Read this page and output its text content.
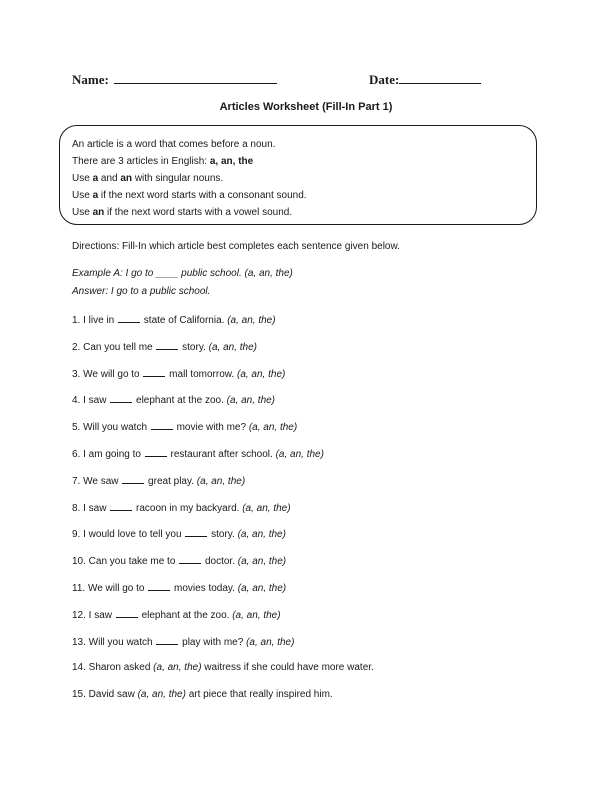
Name:	Date:
Articles Worksheet (Fill-In Part 1)
An article is a word that comes before a noun.
There are 3 articles in English: a, an, the
Use a and an with singular nouns.
Use a if the next word starts with a consonant sound.
Use an if the next word starts with a vowel sound.
Directions: Fill-In which article best completes each sentence given below.
Example A: I go to ____ public school. (a, an, the)
Answer: I go to a public school.
1. I live in  state of California. (a, an, the)
2. Can you tell me  story. (a, an, the)
3. We will go to  mall tomorrow. (a, an, the)
4. I saw  elephant at the zoo. (a, an, the)
5. Will you watch  movie with me? (a, an, the)
6. I am going to  restaurant after school. (a, an, the)
7. We saw  great play. (a, an, the)
8. I saw  racoon in my backyard. (a, an, the)
9. I would love to tell you  story. (a, an, the)
10. Can you take me to  doctor. (a, an, the)
11. We will go to  movies today. (a, an, the)
12. I saw  elephant at the zoo. (a, an, the)
13. Will you watch  play with me? (a, an, the)
14. Sharon asked (a, an, the) waitress if she could have more water.
15. David saw (a, an, the) art piece that really inspired him.
